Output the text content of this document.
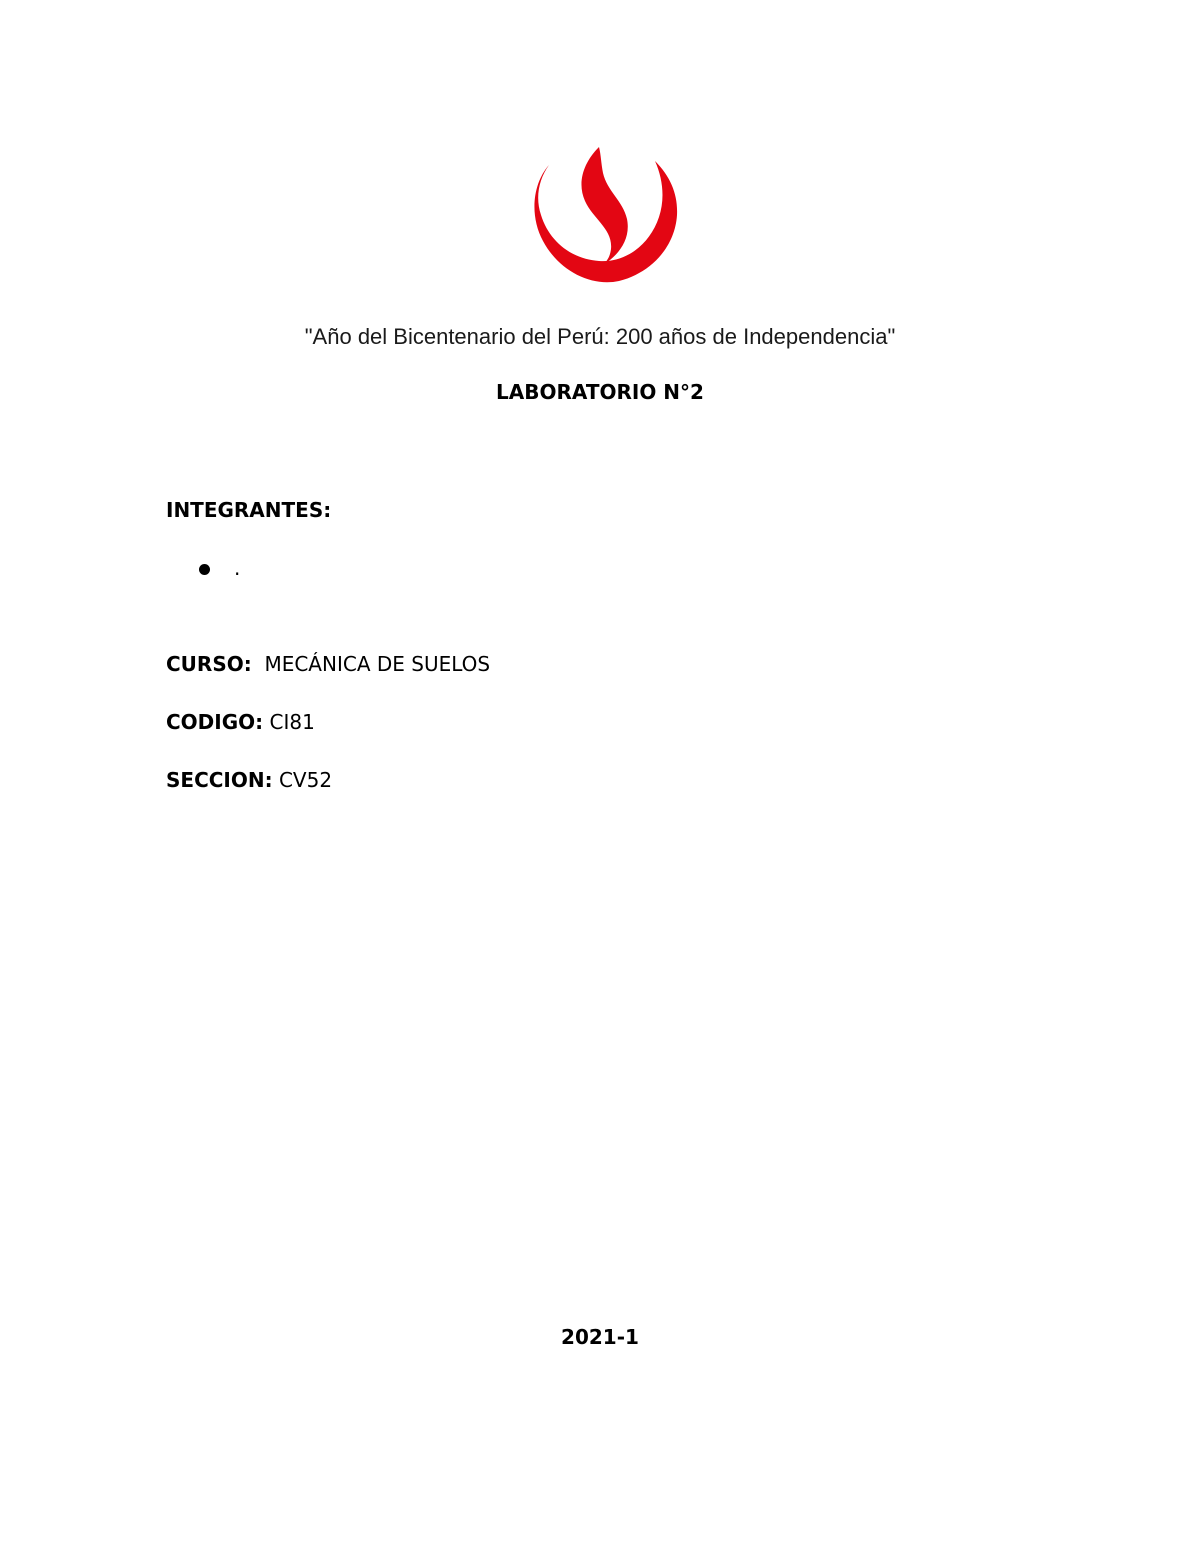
"Año del Bicentenario del Perú: 200 años de Independencia"
LABORATORIO N°2
INTEGRANTES:
.
CURSO: MECÁNICA DE SUELOS
CODIGO: CI81
SECCION: CV52
2021-1
